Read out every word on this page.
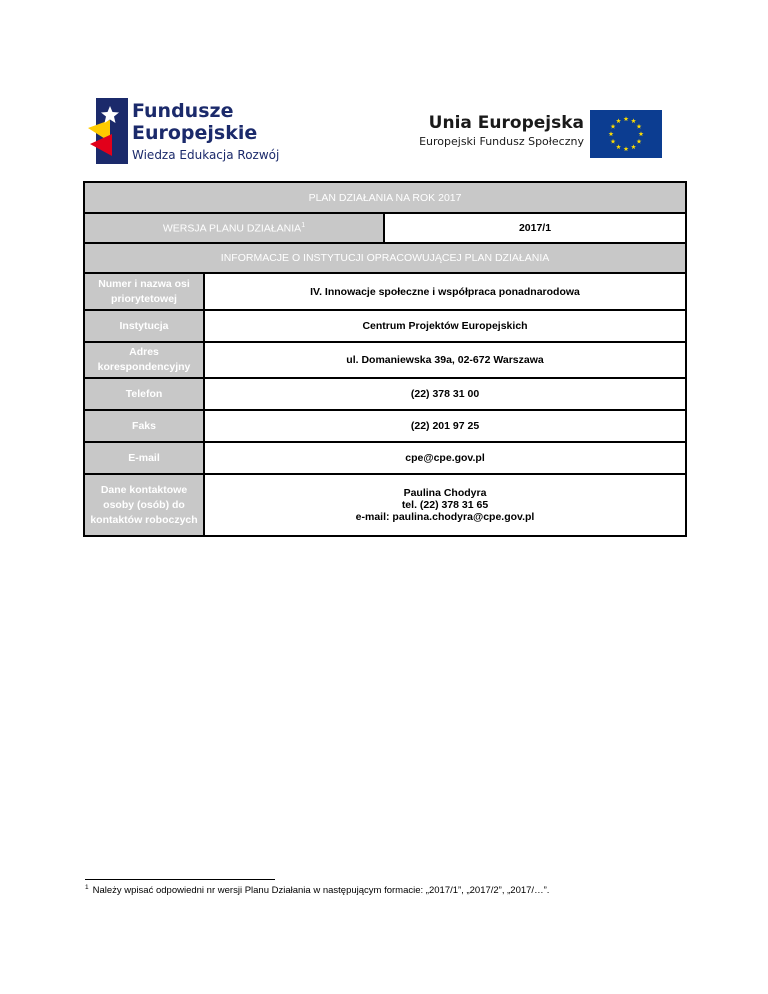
Fundusze
Europejskie
Wiedza Edukacja Rozwój
Unia Europejska
Europejski Fundusz Społeczny
PLAN DZIAŁANIA NA ROK 2017		
WERSJA PLANU DZIAŁANIA$^1$		2017/1
INFORMACJE O INSTYTUCJI OPRACOWUJĄCEJ PLAN DZIAŁANIA		
Numer i nazwa osi priorytetowej	IV. Innowacje społeczne i współpraca ponadnarodowa	
Instytucja	Centrum Projektów Europejskich	
Adres korespondencyjny	ul. Domaniewska 39a, 02-672 Warszawa	
Telefon	(22) 378 31 00	
Faks	(22) 201 97 25	
E-mail	cpe@cpe.gov.pl	
Dane kontaktowe osoby (osób) do kontaktów roboczych	Paulina Chodyra
tel. (22) 378 31 65
e-mail: paulina.chodyra@cpe.gov.pl	
$^1$ Należy wpisać odpowiedni nr wersji Planu Działania w następującym formacie: „2017/1”, „2017/2”, „2017/…”.
